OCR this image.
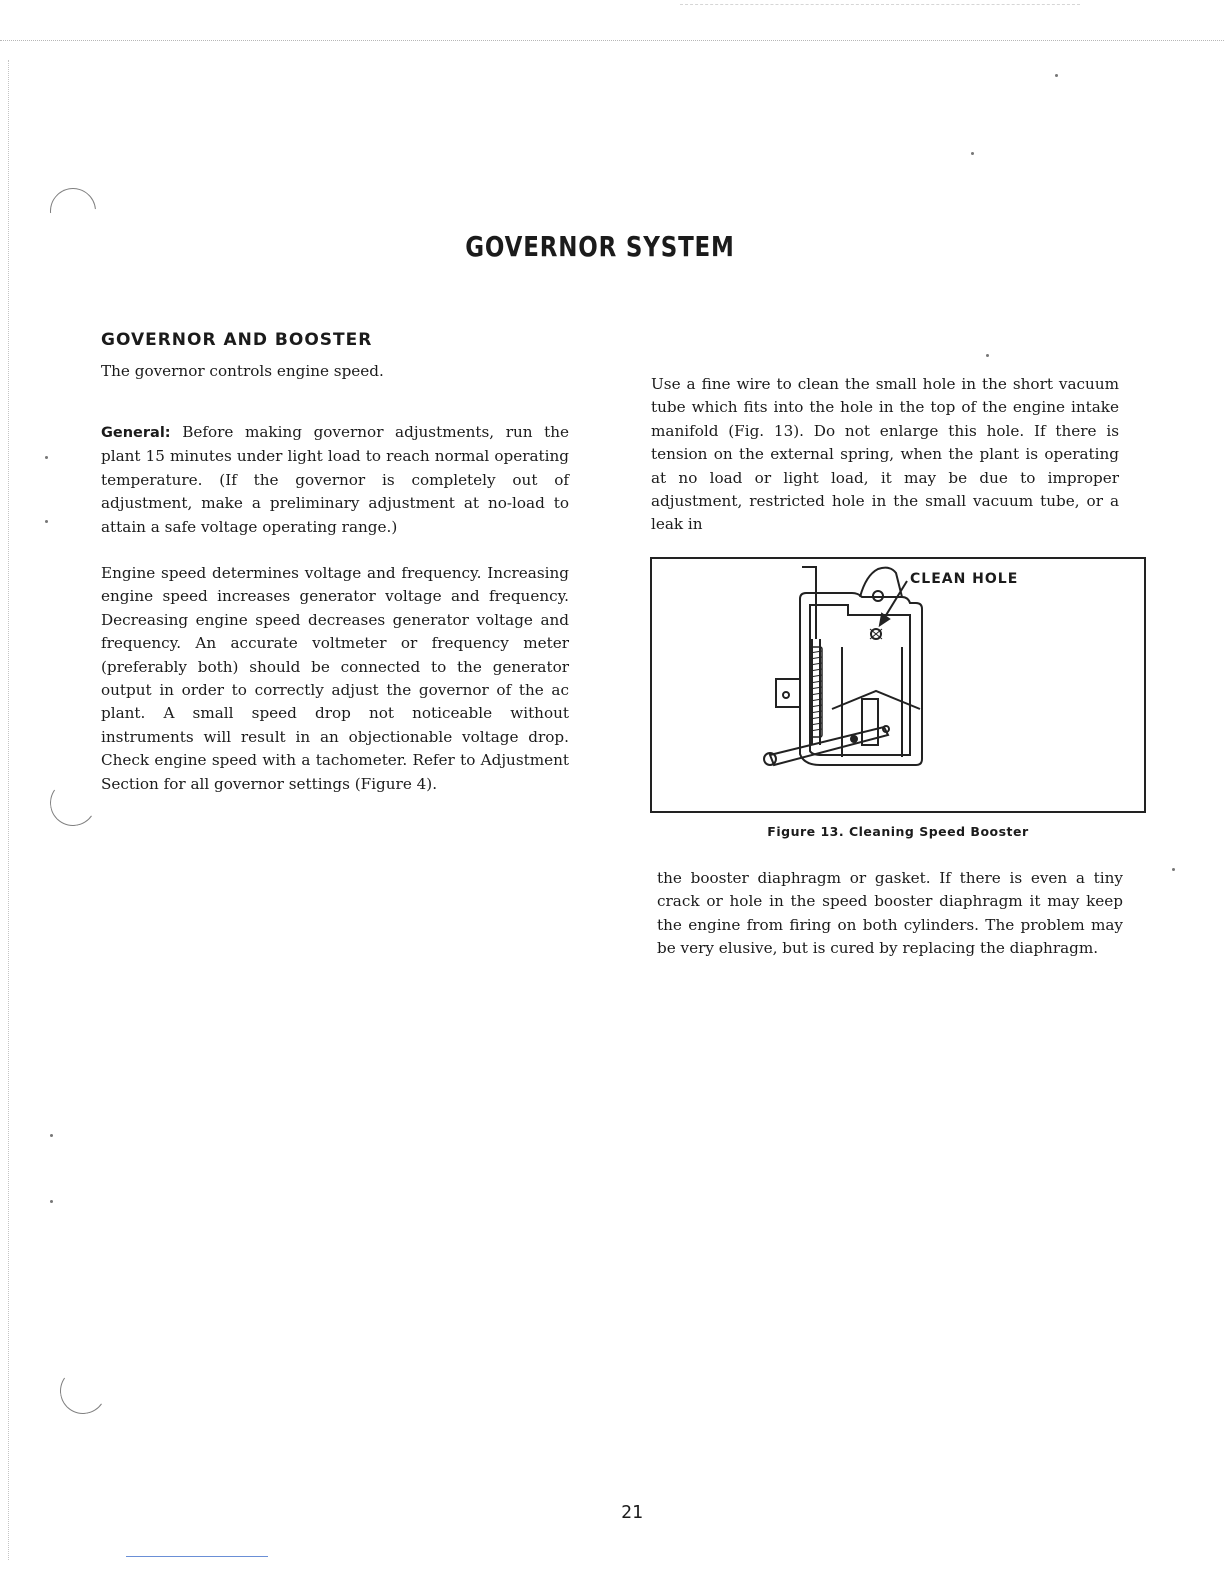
GOVERNOR SYSTEM
GOVERNOR AND BOOSTER

The governor controls engine speed.

General: Before making governor adjustments, run the plant 15 minutes under light load to reach normal operating temperature. (If the governor is completely out of adjustment, make a preliminary adjustment at no-load to attain a safe voltage operating range.)

Engine speed determines voltage and frequency. Increasing engine speed increases generator voltage and frequency. Decreasing engine speed decreases generator voltage and frequency. An accurate voltmeter or frequency meter (preferably both) should be connected to the generator output in order to correctly adjust the governor of the ac plant. A small speed drop not noticeable without instruments will result in an objectionable voltage drop. Check engine speed with a tachometer. Refer to Adjustment Section for all governor settings (Figure 4).

Use a fine wire to clean the small hole in the short vacuum tube which fits into the hole in the top of the engine intake manifold (Fig. 13). Do not enlarge this hole. If there is tension on the external spring, when the plant is operating at no load or light load, it may be due to improper adjustment, restricted hole in the small vacuum tube, or a leak in

CLEAN HOLE
Figure 13. Cleaning Speed Booster

the booster diaphragm or gasket. If there is even a tiny crack or hole in the speed booster diaphragm it may keep the engine from firing on both cylinders. The problem may be very elusive, but is cured by replacing the diaphragm.

21
